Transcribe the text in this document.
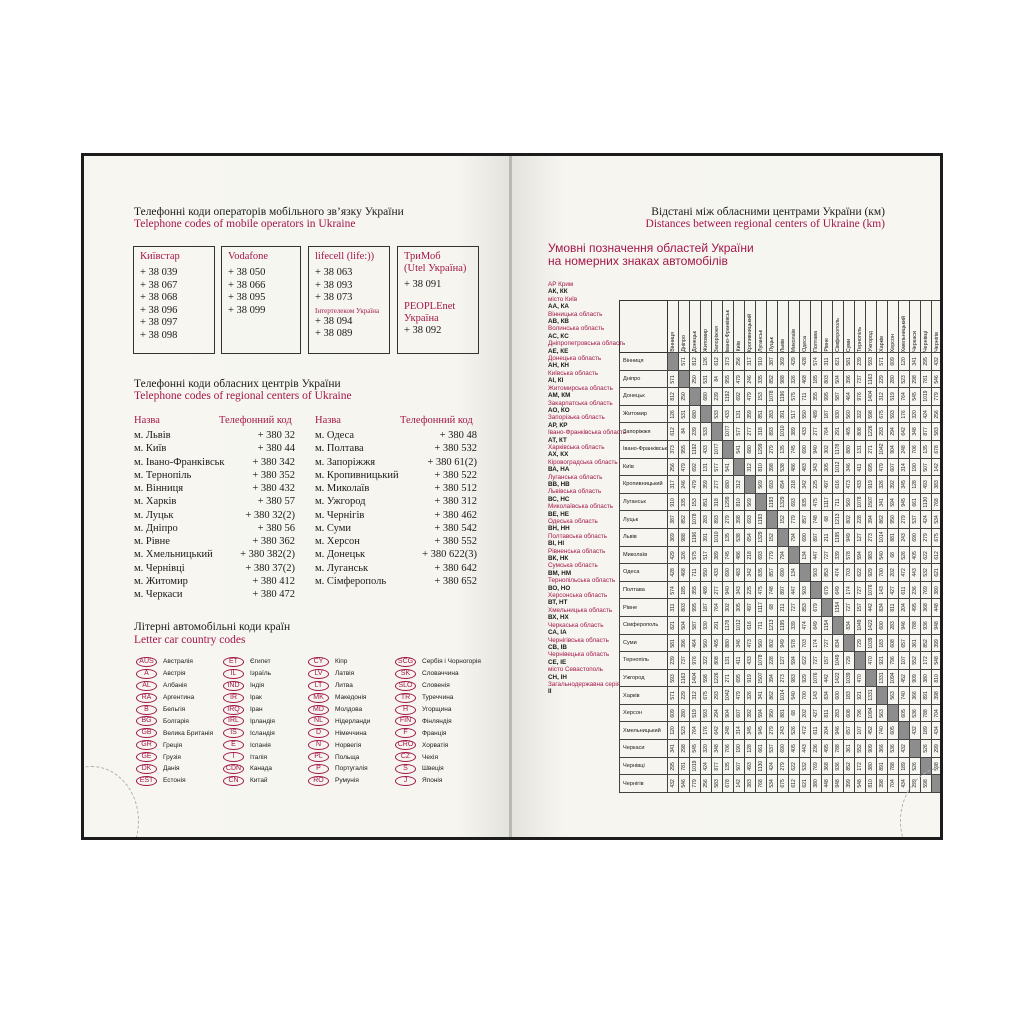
Телефонні коди операторів мобільного зв’язку України
Telephone codes of mobile operators in Ukraine
Київстар
+ 38 039
+ 38 067
+ 38 068
+ 38 096
+ 38 097
+ 38 098
Vodafone
+ 38 050
+ 38 066
+ 38 095
+ 38 099
lifecell (life:))
+ 38 063
+ 38 093
+ 38 073
Інтертелеком Україна
+ 38 094
+ 38 089
ТриМоб
(Utel Україна)
+ 38 091
PEOPLEnet
Україна
+ 38 092
Телефонні коди обласних центрів України
Telephone codes of regional centers of Ukraine
Назва	Телефонний код Назва	Телефонний код
м. Львів	+ 380 32
м. Київ	+ 380 44
м. Івано-Франківськ	+ 380 342
м. Тернопіль	+ 380 352
м. Вінниця	+ 380 432
м. Харків	+ 380 57
м. Луцьк	+ 380 32(2)
м. Дніпро	+ 380 56
м. Рівне	+ 380 362
м. Хмельницький	+ 380 382(2)
м. Чернівці	+ 380 37(2)
м. Житомир	+ 380 412
м. Черкаси	+ 380 472
м. Одеса	+ 380 48
м. Полтава	+ 380 532
м. Запоріжжя	+ 380 61(2)
м. Кропивницький	+ 380 522
м. Миколаїв	+ 380 512
м. Ужгород	+ 380 312
м. Чернігів	+ 380 462
м. Суми	+ 380 542
м. Херсон	+ 380 552
м. Донецьк	+ 380 622(3)
м. Луганськ	+ 380 642
м. Сімферополь	+ 380 652
Літерні автомобільні коди країн
Letter car country codes
AUS	Австралія
A	Австрія
AL	Албанія
RA	Аргентина
B	Бельгія
BG	Болгарія
GB	Велика Британія
GR	Греція
GE	Грузія
DK	Данія
EST	Естонія
ET	Єгипет
IL	Ізраїль
IND	Індія
IR	Ірак
IRQ	Іран
IRL	Ірландія
IS	Ісландія
E	Іспанія
I	Італія
CDN	Канада
CN	Китай
CY	Кіпр
LV	Латвія
LT	Литва
MK	Македонія
MD	Молдова
NL	Нідерланди
D	Німеччина
N	Норвегія
PL	Польща
P	Португалія
RO	Румунія
SCG	Сербія і Чорногорія
SK	Словаччина
SLO	Словенія
TR	Туреччина
H	Угорщина
FIN	Фінляндія
F	Франція
CRO	Хорватія
CZ	Чехія
S	Швеція
J	Японія
Відстані між обласними центрами України (км)
Distances between regional centers of Ukraine (km)
Умовні позначення областей України
на номерних знаках автомобілів
АР Крим
АК, КК
місто Київ
АА, КА
Вінницька область
АВ, КВ
Волинська область
АС, КС
Дніпропетровська область
АЕ, КЕ
Донецька область
АН, КН
Київська область
АІ, КІ
Житомирська область
АМ, КМ
Закарпатська область
АО, КО
Запорізька область
АР, КР
Івано-Франківська область
АТ, КТ
Харківська область
АХ, КХ
Кіровоградська область
ВА, НА
Луганська область
ВВ, НВ
Львівська область
ВС, НС
Миколаївська область
ВЕ, НЕ
Одеська область
ВН, НН
Полтавська область
ВІ, НІ
Рівненська область
ВК, НК
Сумська область
ВМ, НМ
Тернопільська область
ВО, НО
Херсонська область
ВТ, НТ
Хмельницька область
ВХ, НХ
Черкаська область
СА, ІА
Чернігівська область
СВ, ІВ
Чернівецька область
СЕ, ІЕ
місто Севастополь
СН, ІН
Загальнодержавна серія
ІІ

	Вінниця	Дніпро	Донецьк	Житомир	Запоріжжя	Івано-Франківськ	Київ	Кропивницький	Луганськ	Луцьк	Львів	Миколаїв	Одеса	Полтава	Рівне	Сімферополь	Суми	Тернопіль	Ужгород	Харків	Херсон	Хмельницький	Черкаси	Чернівці	Чернігів

Вінниця		571	812	126	612	373	256	317	910	387	369	429	428	574	311	821	581	239	593	571	609	120	341	295	432

Дніпро	571		250	531	84	955	479	246	335	852	988	326	468	185	803	504	396	737	1163	229	280	523	298	781	546

Донецьк	812	250		680	239	1192	692	479	153	1078	1196	575	711	355	995	587	464	976	1404	312	519	764	545	1019	779

Житомир	126	531	680		533	433	131	359	851	283	391	517	550	489	187	930	560	322	598	675	593	176	320	424	256

Запоріжжя	612	84	239	533		1077	577	277	318	893	1010	389	433	277	764	291	465	808	1226	293	294	642	348	877	583

Івано-Франківськ	373	955	1192	433	1077		541	680	1299	279	135	745	690	940	302	1178	880	131	271	1042	904	248	706	135	678

Київ	256	479	692	131	577	541		312	810	398	538	486	483	343	305	1012	346	411	695	479	607	314	190	507	142

Кропивницький	317	246	479	359	277	680	312		569	693	654	218	342	225	497	616	473	433	919	326	392	345	128	493	383

Луганськ	910	335	153	851	318	1299	810	569		1193	1329	693	835	475	1117	711	560	1078	1507	341	594	945	661	1130	768

Луцьк	387	852	1078	283	893	279	398	693	1193		152	779	857	748	68	1213	802	228	394	862	950	279	537	424	534

Львів	369	988	1196	391	1010	135	538	654	1329	152		794	690	897	211	1195	949	127	273	1014	881	243	690	279	675

Миколаїв	429	326	575	517	389	745	486	218	693	779	794		134	447	727	339	578	594	983	540	68	526	405	622	612

Одеса	428	468	711	550	433	690	483	342	835	857	690	134		503	853	474	703	622	929	700	202	472	443	532	621

Полтава	574	185	355	489	277	940	343	225	475	748	897	447	503		679	649	174	727	1076	143	427	611	236	769	380

Рівне	311	803	995	187	764	302	305	497	1117	68	211	727	853	679		1154	727	157	442	834	811	204	495	368	448

Сімферополь	821	504	587	930	291	1178	1012	616	711	1213	1195	339	474	649	1154		834	1049	1422	600	283	946	788	936	948

Суми	581	396	464	560	465	880	346	473	560	802	949	578	703	174	727	834		729	1039	183	608	657	361	852	399

Тернопіль	239	737	976	322	808	131	411	433	1078	228	127	594	622	727	157	1049	729		470	921	796	107	552	172	548

Ужгород	593	1163	1404	598	1226	271	695	919	1507	394	273	983	929	1076	442	1422	1039	470		1331	1094	452	909	380	810

Харків	571	229	312	675	293	1042	479	326	341	862	1014	540	700	143	834	600	183	921	1331		563	740	366	891	398

Херсон	609	280	519	593	294	904	607	392	594	950	881	68	202	427	811	283	608	796	1094	563		605	536	788	704

Хмельницький	120	523	764	176	642	248	314	345	945	279	243	526	472	611	204	946	657	107	452	740	605		432	189	434

Черкаси	341	298	545	320	348	706	190	128	661	537	690	405	443	236	495	788	361	552	909	366	536	432		526	299

Чернівці	295	781	1019	424	877	135	507	493	1130	424	279	622	532	769	368	936	852	172	380	891	788	189	526		598

Чернігів	432	546	779	256	583	678	142	383	768	534	675	612	621	380	448	948	399	548	810	398	704	434	299	598	
